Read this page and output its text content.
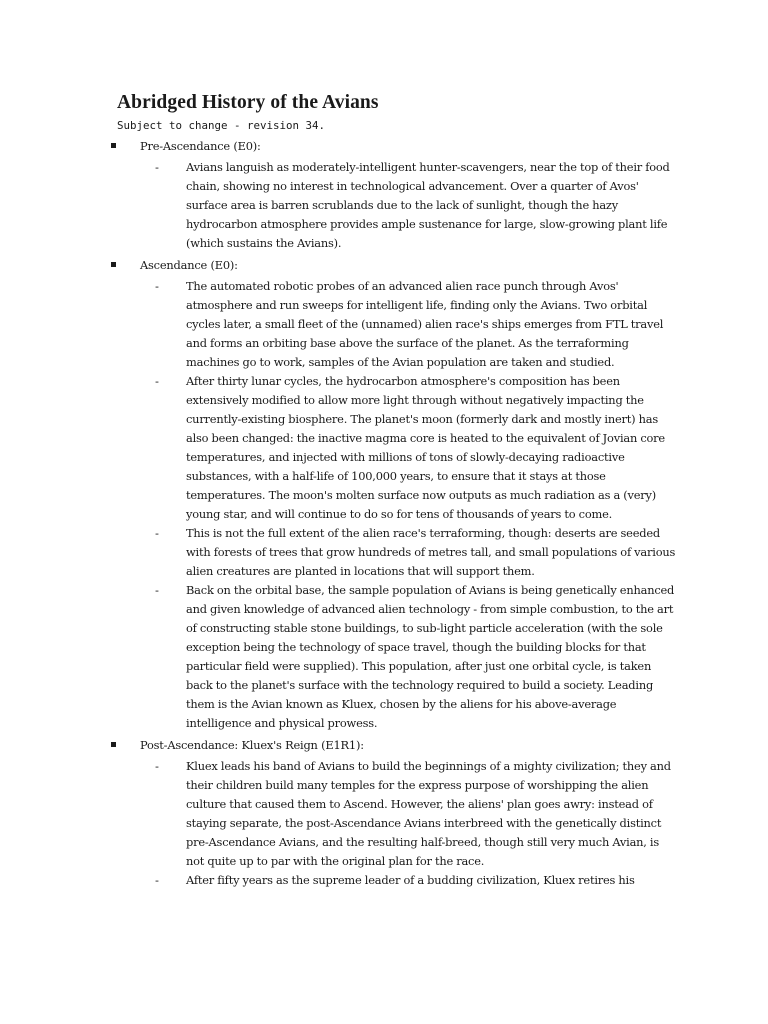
Abridged History of the Avians
Subject to change - revision 34.
Pre-Ascendance (E0):
- Avians languish as moderately-intelligent hunter-scavengers, near the top of their food chain, showing no interest in technological advancement. Over a quarter of Avos' surface area is barren scrublands due to the lack of sunlight, though the hazy hydrocarbon atmosphere provides ample sustenance for large, slow-growing plant life (which sustains the Avians).
Ascendance (E0):
- The automated robotic probes of an advanced alien race punch through Avos' atmosphere and run sweeps for intelligent life, finding only the Avians. Two orbital cycles later, a small fleet of the (unnamed) alien race's ships emerges from FTL travel and forms an orbiting base above the surface of the planet. As the terraforming machines go to work, samples of the Avian population are taken and studied.
- After thirty lunar cycles, the hydrocarbon atmosphere's composition has been extensively modified to allow more light through without negatively impacting the currently-existing biosphere. The planet's moon (formerly dark and mostly inert) has also been changed: the inactive magma core is heated to the equivalent of Jovian core temperatures, and injected with millions of tons of slowly-decaying radioactive substances, with a half-life of 100,000 years, to ensure that it stays at those temperatures. The moon's molten surface now outputs as much radiation as a (very) young star, and will continue to do so for tens of thousands of years to come.
- This is not the full extent of the alien race's terraforming, though: deserts are seeded with forests of trees that grow hundreds of metres tall, and small populations of various alien creatures are planted in locations that will support them.
- Back on the orbital base, the sample population of Avians is being genetically enhanced and given knowledge of advanced alien technology - from simple combustion, to the art of constructing stable stone buildings, to sub-light particle acceleration (with the sole exception being the technology of space travel, though the building blocks for that particular field were supplied). This population, after just one orbital cycle, is taken back to the planet's surface with the technology required to build a society. Leading them is the Avian known as Kluex, chosen by the aliens for his above-average intelligence and physical prowess.
Post-Ascendance: Kluex's Reign (E1R1):
- Kluex leads his band of Avians to build the beginnings of a mighty civilization; they and their children build many temples for the express purpose of worshipping the alien culture that caused them to Ascend. However, the aliens' plan goes awry: instead of staying separate, the post-Ascendance Avians interbreed with the genetically distinct pre-Ascendance Avians, and the resulting half-breed, though still very much Avian, is not quite up to par with the original plan for the race.
- After fifty years as the supreme leader of a budding civilization, Kluex retires his
